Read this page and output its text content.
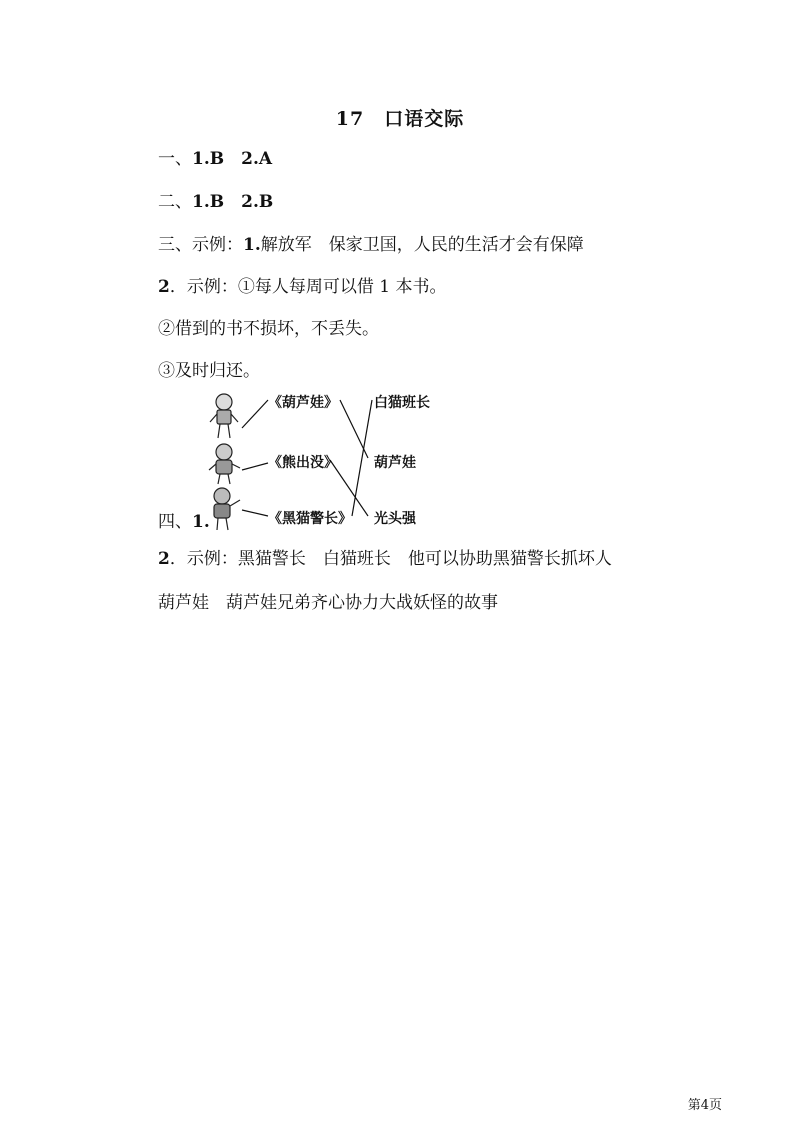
17　口语交际
一、1.B　 2.A
二、1.B　 2.B
三、示例：1.解放军　保家卫国，人民的生活才会有保障
2．示例：①每人每周可以借 1 本书。
②借到的书不损坏，不丢失。
③及时归还。
四、1.
《葫芦娃》
《熊出没》
《黑猫警长》
白猫班长
葫芦娃
光头强
2．示例：黑猫警长　白猫班长　他可以协助黑猫警长抓坏人
葫芦娃　葫芦娃兄弟齐心协力大战妖怪的故事
第4页
